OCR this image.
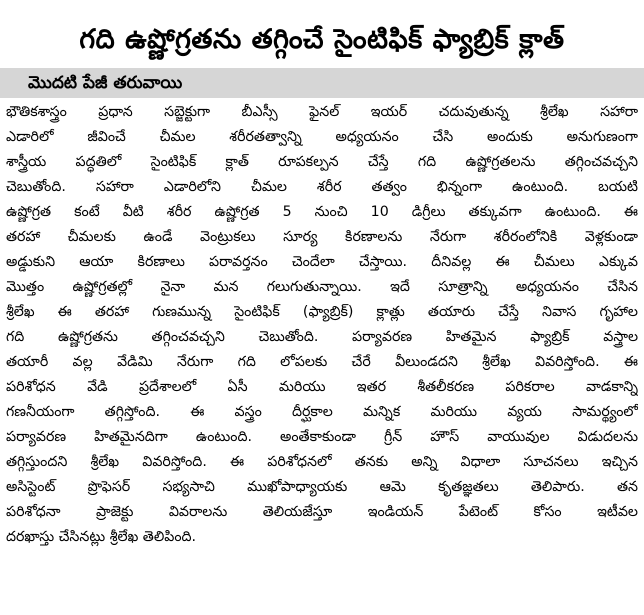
గది ఉష్ణోగ్రతను తగ్గించే సైంటిఫిక్ ఫ్యాబ్రిక్ క్లాత్
మొదటి పేజీ తరువాయి
భౌతికశాస్త్రం ప్రధాన సబ్జెక్టుగా బీఎస్సీ ఫైనల్ ఇయర్ చదువుతున్న శ్రీలేఖ సహారా
ఎడారిలో జీవించే చీమల శరీరతత్వాన్ని అధ్యయనం చేసి అందుకు అనుగుణంగా
శాస్త్రీయ పద్ధతిలో సైంటిఫిక్ క్లాత్ రూపకల్పన చేస్తే గది ఉష్ణోగ్రతలను తగ్గించవచ్చని
చెబుతోంది. సహారా ఎడారిలోని చీమల శరీర తత్వం భిన్నంగా ఉంటుంది. బయటి
ఉష్ణోగ్రత కంటే వీటి శరీర ఉష్ణోగ్రత 5 నుంచి 10 డిగ్రీలు తక్కువగా ఉంటుంది. ఈ
తరహా చీమలకు ఉండే వెంట్రుకలు సూర్య కిరణాలను నేరుగా శరీరంలోనికి వెళ్లకుండా
అడ్డుకుని ఆయా కిరణాలు పరావర్తనం చెందేలా చేస్తాయి. దీనివల్ల ఈ చీమలు ఎక్కువ
మొత్తం ఉష్ణోగ్రతల్లో నైనా మన గలుగుతున్నాయి. ఇదే సూత్రాన్ని అధ్యయనం చేసిన
శ్రీలేఖ ఈ తరహా గుణమున్న సైంటిఫిక్ (ఫ్యాబ్రిక్) క్లాత్లు తయారు చేస్తే నివాస గృహాల
గది ఉష్ణోగ్రతను తగ్గించవచ్చని చెబుతోంది. పర్యావరణ హితమైన ఫ్యాబ్రిక్ వస్త్రాల
తయారీ వల్ల వేడిమి నేరుగా గది లోపలకు చేరే వీలుండదని శ్రీలేఖ వివరిస్తోంది. ఈ
పరిశోధన వేడి ప్రదేశాలలో ఏసీ మరియు ఇతర శీతలీకరణ పరికరాల వాడకాన్ని
గణనీయంగా తగ్గిస్తోంది. ఈ వస్త్రం దీర్ఘకాల మన్నిక మరియు వ్యయ సామర్థ్యంలో
పర్యావరణ హితమైనదిగా ఉంటుంది. అంతేకాకుండా గ్రీన్ హౌస్ వాయువుల విడుదలను
తగ్గిస్తుందని శ్రీలేఖ వివరిస్తోంది. ఈ పరిశోధనలో తనకు అన్ని విధాలా సూచనలు ఇచ్చిన
అసిస్టెంట్ ప్రొఫెసర్ సభ్యసాచి ముఖోపాధ్యాయకు ఆమె కృతజ్ఞతలు తెలిపారు. తన
పరిశోధనా ప్రాజెక్టు వివరాలను తెలియజేస్తూ ఇండియన్ పేటెంట్ కోసం ఇటీవల
దరఖాస్తు చేసినట్లు శ్రీలేఖ తెలిపింది.
